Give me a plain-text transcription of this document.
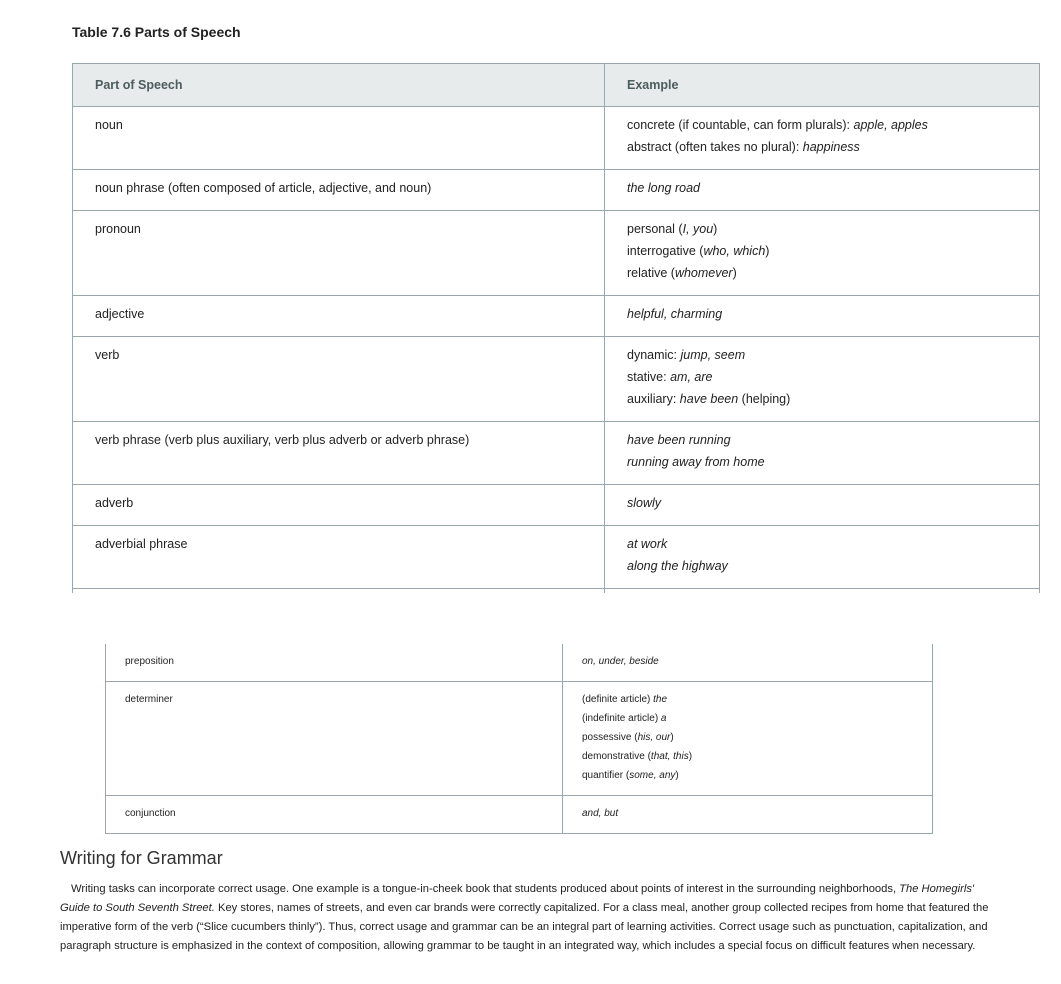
Table 7.6 Parts of Speech
Part of Speech	Example
noun	concrete (if countable, can form plurals): apple, apples
abstract (often takes no plural): happiness

noun phrase (often composed of article, adjective, and noun)	the long road

pronoun	personal (I, you)
interrogative (who, which)
relative (whomever)

adjective	helpful, charming

verb	dynamic: jump, seem
stative: am, are
auxiliary: have been (helping)

verb phrase (verb plus auxiliary, verb plus adverb or adverb phrase)	have been running
running away from home

adverb	slowly

adverbial phrase	at work
along the highway

preposition	on, under, beside

determiner	(definite article) the
(indefinite article) a
possessive (his, our)
demonstrative (that, this)
quantifier (some, any)

conjunction	and, but
Writing for Grammar

Writing tasks can incorporate correct usage. One example is a tongue-in-cheek book that students produced about points of interest in the surrounding neighborhoods, The Homegirls' Guide to South Seventh Street. Key stores, names of streets, and even car brands were correctly capitalized. For a class meal, another group collected recipes from home that featured the imperative form of the verb (“Slice cucumbers thinly”). Thus, correct usage and grammar can be an integral part of learning activities. Correct usage such as punctuation, capitalization, and paragraph structure is emphasized in the context of composition, allowing grammar to be taught in an integrated way, which includes a special focus on difficult features when necessary.
